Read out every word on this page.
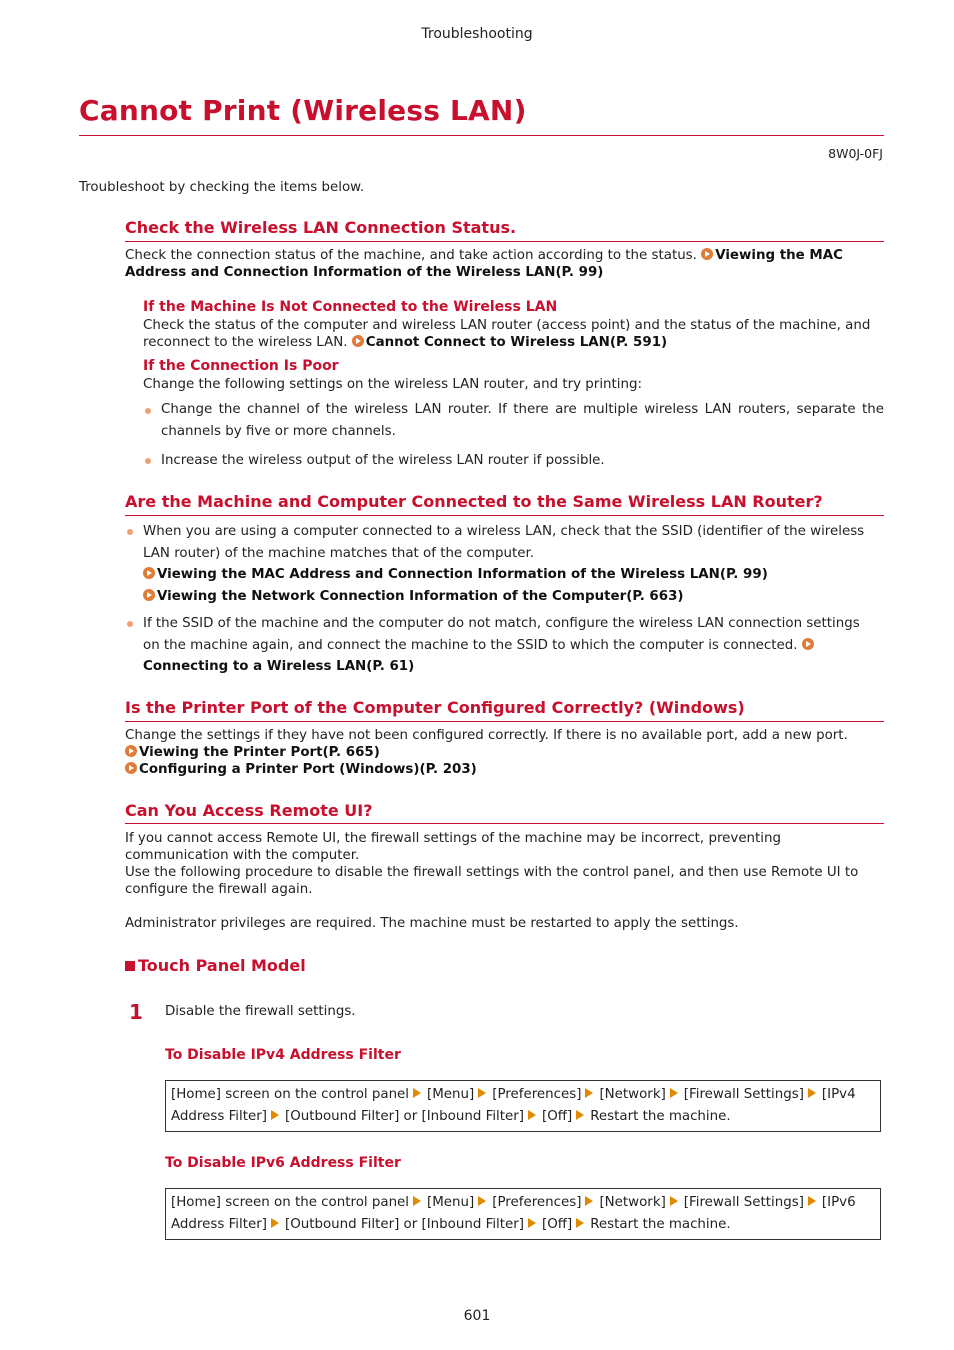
Troubleshooting
Cannot Print (Wireless LAN)
8W0J-0FJ
Troubleshoot by checking the items below.
Check the Wireless LAN Connection Status.

Check the connection status of the machine, and take action according to the status. Viewing the MAC

Address and Connection Information of the Wireless LAN(P. 99)

If the Machine Is Not Connected to the Wireless LAN

Check the status of the computer and wireless LAN router (access point) and the status of the machine, and

reconnect to the wireless LAN. Cannot Connect to Wireless LAN(P. 591)

If the Connection Is Poor

Change the following settings on the wireless LAN router, and try printing:

Change the channel of the wireless LAN router. If there are multiple wireless LAN routers, separate the
channels by five or more channels.
Increase the wireless output of the wireless LAN router if possible.
Are the Machine and Computer Connected to the Same Wireless LAN Router?
When you are using a computer connected to a wireless LAN, check that the SSID (identifier of the wireless
LAN router) of the machine matches that of the computer.
Viewing the MAC Address and Connection Information of the Wireless LAN(P. 99)
Viewing the Network Connection Information of the Computer(P. 663)
If the SSID of the machine and the computer do not match, configure the wireless LAN connection settings
on the machine again, and connect the machine to the SSID to which the computer is connected.
Connecting to a Wireless LAN(P. 61)
Is the Printer Port of the Computer Configured Correctly? (Windows)

Change the settings if they have not been configured correctly. If there is no available port, add a new port.

Viewing the Printer Port(P. 665)

Configuring a Printer Port (Windows)(P. 203)

Can You Access Remote UI?

If you cannot access Remote UI, the firewall settings of the machine may be incorrect, preventing

communication with the computer.

Use the following procedure to disable the firewall settings with the control panel, and then use Remote UI to

configure the firewall again.

Administrator privileges are required. The machine must be restarted to apply the settings.

Touch Panel Model
1 Disable the firewall settings.
To Disable IPv4 Address Filter
[Home] screen on the control panel [Menu] [Preferences] [Network] [Firewall Settings] [IPv4
Address Filter] [Outbound Filter] or [Inbound Filter] [Off] Restart the machine.
To Disable IPv6 Address Filter
[Home] screen on the control panel [Menu] [Preferences] [Network] [Firewall Settings] [IPv6
Address Filter] [Outbound Filter] or [Inbound Filter] [Off] Restart the machine.
601
